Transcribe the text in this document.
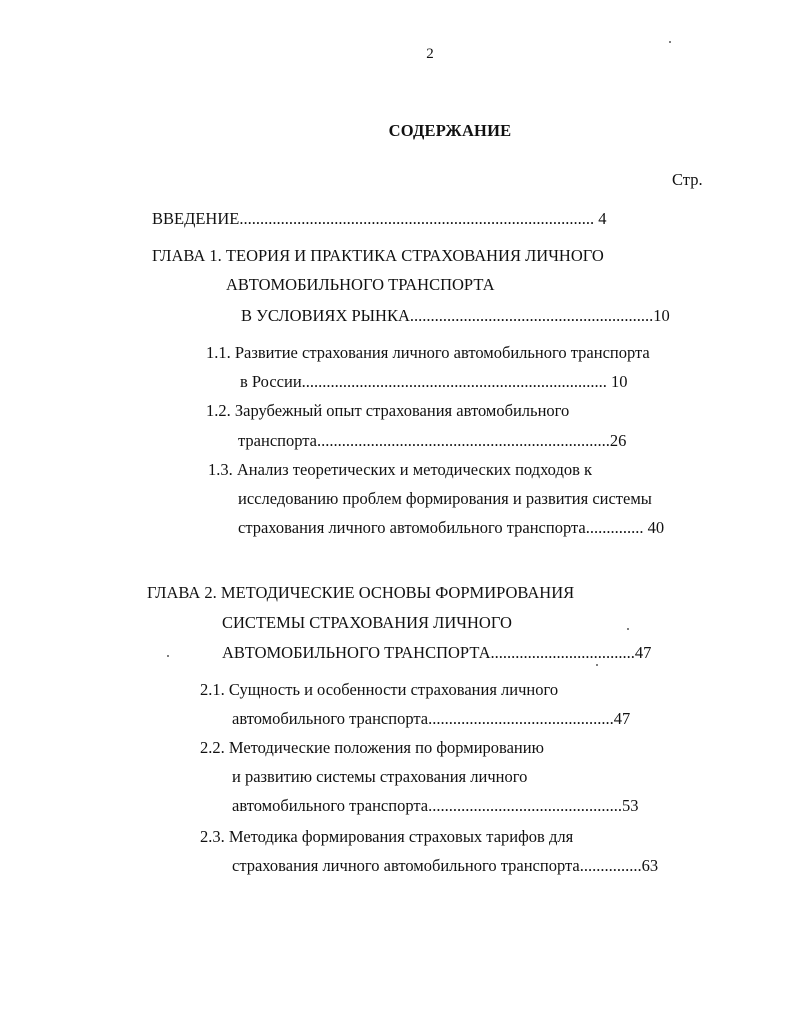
2
СОДЕРЖАНИЕ
Стр.
ВВЕДЕНИЕ...................................................................................... 4
ГЛАВА 1. ТЕОРИЯ И ПРАКТИКА СТРАХОВАНИЯ ЛИЧНОГО
АВТОМОБИЛЬНОГО ТРАНСПОРТА
В УСЛОВИЯХ РЫНКА...........................................................10
1.1. Развитие страхования личного автомобильного транспорта
в России.......................................................................... 10
1.2. Зарубежный опыт страхования автомобильного
транспорта.......................................................................26
1.3. Анализ теоретических и методических подходов к
исследованию проблем формирования и развития системы
страхования личного автомобильного транспорта.............. 40
ГЛАВА 2. МЕТОДИЧЕСКИЕ ОСНОВЫ ФОРМИРОВАНИЯ
СИСТЕМЫ СТРАХОВАНИЯ ЛИЧНОГО
АВТОМОБИЛЬНОГО ТРАНСПОРТА...................................47
2.1. Сущность и особенности страхования личного
автомобильного транспорта.............................................47
2.2. Методические положения по формированию
и развитию системы страхования личного
автомобильного транспорта...............................................53
2.3. Методика формирования страховых тарифов для
страхования личного автомобильного транспорта...............63
